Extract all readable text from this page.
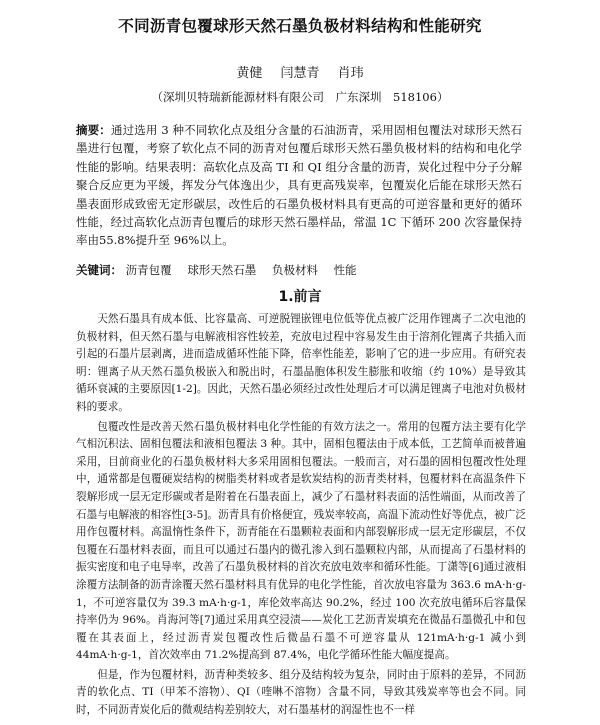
不同沥青包覆球形天然石墨负极材料结构和性能研究
黄健 闫慧青 肖玮
（深圳贝特瑞新能源材料有限公司　广东深圳　518106）
摘要：通过选用 3 种不同软化点及组分含量的石油沥青，采用固相包覆法对球形天然石墨进行包覆，考察了软化点不同的沥青对包覆后球形天然石墨负极材料的结构和电化学性能的影响。结果表明：高软化点及高 TI 和 QI 组分含量的沥青，炭化过程中分子分解聚合反应更为平缓，挥发分气体逸出少，具有更高残炭率，包覆炭化后能在球形天然石墨表面形成致密无定形碳层，改性后的石墨负极材料具有更高的可逆容量和更好的循环性能，经过高软化点沥青包覆后的球形天然石墨样品，常温 1C 下循环 200 次容量保持率由55.8%提升至 96%以上。
关键词： 沥青包覆 球形天然石墨 负极材料 性能
1.前言

天然石墨具有成本低、比容量高、可逆脱锂嵌锂电位低等优点被广泛用作锂离子二次电池的负极材料，但天然石墨与电解液相容性较差，充放电过程中容易发生由于溶剂化锂离子共插入而引起的石墨片层剥离，进而造成循环性能下降，倍率性能差，影响了它的进一步应用。有研究表明：锂离子从天然石墨负极嵌入和脱出时，石墨晶胞体积发生膨胀和收缩（约 10%）是导致其循环衰减的主要原因[1-2]。因此，天然石墨必须经过改性处理后才可以满足锂离子电池对负极材料的要求。

包覆改性是改善天然石墨负极材料电化学性能的有效方法之一。常用的包覆方法主要有化学气相沉积法、固相包覆法和液相包覆法 3 种。其中，固相包覆法由于成本低，工艺简单而被普遍采用，目前商业化的石墨负极材料大多采用固相包覆法。一般而言，对石墨的固相包覆改性处理中，通常都是包覆硬炭结构的树脂类材料或者是软炭结构的沥青类材料，包覆材料在高温条件下裂解形成一层无定形碳或者是附着在石墨表面上，减少了石墨材料表面的活性端面，从而改善了石墨与电解液的相容性[3-5]。沥青具有价格便宜，残炭率较高，高温下流动性好等优点，被广泛用作包覆材料。高温惰性条件下，沥青能在石墨颗粒表面和内部裂解形成一层无定形碳层，不仅包覆在石墨材料表面，而且可以通过石墨内的微孔渗入到石墨颗粒内部，从而提高了石墨材料的振实密度和电子电导率，改善了石墨负极材料的首次充放电效率和循环性能。丁潇等[6]通过液相涂覆方法制备的沥青涂覆天然石墨材料具有优异的电化学性能，首次放电容量为 363.6 mA·h·g-1，不可逆容量仅为 39.3 mA·h·g-1，库伦效率高达 90.2%，经过 100 次充放电循环后容量保持率仍为 96%。肖海河等[7]通过采用真空浸渍——炭化工艺沥青炭填充在微晶石墨微孔中和包覆在其表面上，经过沥青炭包覆改性后微晶石墨不可逆容量从 121mA·h·g-1 减小到 44mA·h·g-1，首次效率由 71.2%提高到 87.4%，电化学循环性能大幅度提高。

但是，作为包覆材料，沥青种类较多、组分及结构较为复杂，同时由于原料的差异，不同沥青的软化点、TI（甲苯不溶物）、QI（喹啉不溶物）含量不同，导致其残炭率等也会不同。同时，不同沥青炭化后的微观结构差别较大，对石墨基材的润湿性也不一样
